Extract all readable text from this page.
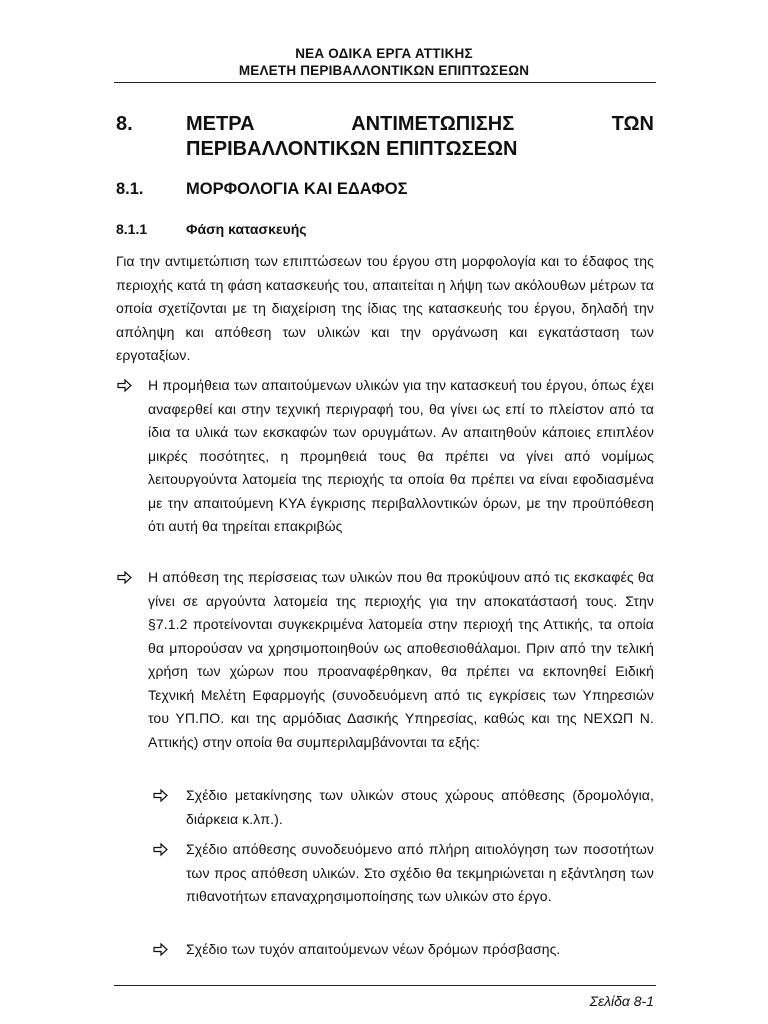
ΝΕΑ ΟΔΙΚΑ ΕΡΓΑ ΑΤΤΙΚΗΣ
ΜΕΛΕΤΗ ΠΕΡΙΒΑΛΛΟΝΤΙΚΩΝ ΕΠΙΠΤΩΣΕΩΝ
8.	ΜΕΤΡΑ ΑΝΤΙΜΕΤΩΠΙΣΗΣ ΤΩΝ
ΠΕΡΙΒΑΛΛΟΝΤΙΚΩΝ ΕΠΙΠΤΩΣΕΩΝ
8.1.	ΜΟΡΦΟΛΟΓΙΑ ΚΑΙ ΕΔΑΦΟΣ
8.1.1	Φάση κατασκευής
Για την αντιμετώπιση των επιπτώσεων του έργου στη μορφολογία και το έδαφος της περιοχής κατά τη φάση κατασκευής του, απαιτείται η λήψη των ακόλουθων μέτρων τα οποία σχετίζονται με τη διαχείριση της ίδιας της κατασκευής του έργου, δηλαδή την απόληψη και απόθεση των υλικών και την οργάνωση και εγκατάσταση των εργοταξίων.
Η προμήθεια των απαιτούμενων υλικών για την κατασκευή του έργου, όπως έχει αναφερθεί και στην τεχνική περιγραφή του, θα γίνει ως επί το πλείστον από τα ίδια τα υλικά των εκσκαφών των ορυγμάτων. Αν απαιτηθούν κάποιες επιπλέον μικρές ποσότητες, η προμηθειά τους θα πρέπει να γίνει από νομίμως λειτουργούντα λατομεία της περιοχής τα οποία θα πρέπει να είναι εφοδιασμένα με την απαιτούμενη ΚΥΑ έγκρισης περιβαλλοντικών όρων, με την προϋπόθεση ότι αυτή θα τηρείται επακριβώς
Η απόθεση της περίσσειας των υλικών που θα προκύψουν από τις εκσκαφές θα γίνει σε αργούντα λατομεία της περιοχής για την αποκατάστασή τους. Στην §7.1.2 προτείνονται συγκεκριμένα λατομεία στην περιοχή της Αττικής, τα οποία θα μπορούσαν να χρησιμοποιηθούν ως αποθεσιοθάλαμοι. Πριν από την τελική χρήση των χώρων που προαναφέρθηκαν, θα πρέπει να εκπονηθεί Ειδική Τεχνική Μελέτη Εφαρμογής (συνοδευόμενη από τις εγκρίσεις των Υπηρεσιών του ΥΠ.ΠΟ. και της αρμόδιας Δασικής Υπηρεσίας, καθώς και της ΝΕΧΩΠ Ν. Αττικής) στην οποία θα συμπεριλαμβάνονται τα εξής:
Σχέδιο μετακίνησης των υλικών στους χώρους απόθεσης (δρομολόγια, διάρκεια κ.λπ.).
Σχέδιο απόθεσης συνοδευόμενο από πλήρη αιτιολόγηση των ποσοτήτων των προς απόθεση υλικών. Στο σχέδιο θα τεκμηριώνεται η εξάντληση των πιθανοτήτων επαναχρησιμοποίησης των υλικών στο έργο.
Σχέδιο των τυχόν απαιτούμενων νέων δρόμων πρόσβασης.
Σελίδα 8-1
